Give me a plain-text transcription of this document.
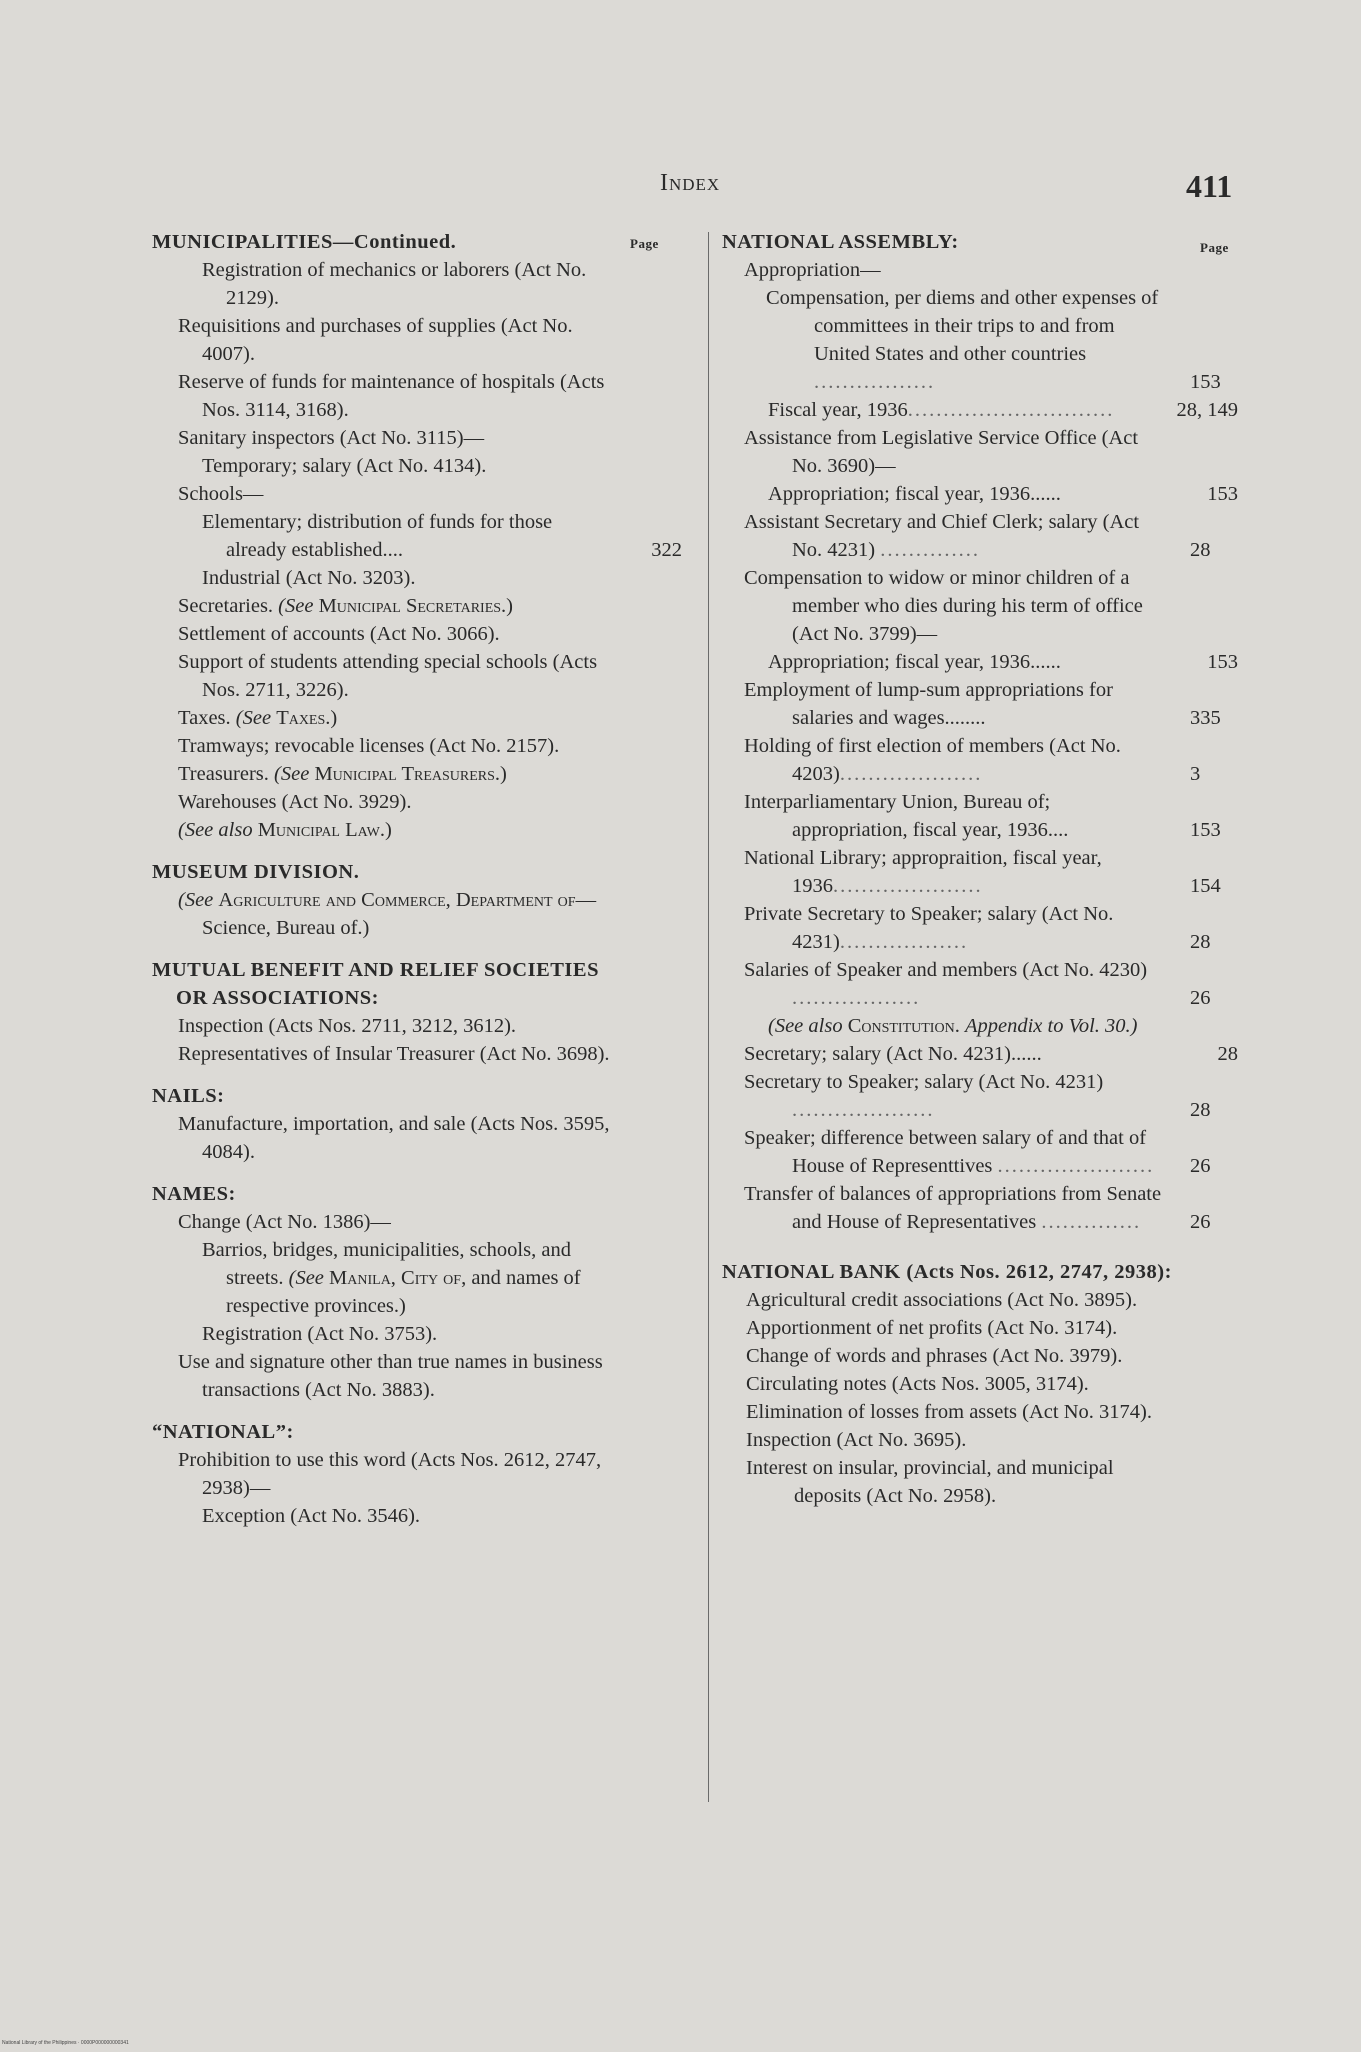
Index	411
Page	Page
MUNICIPALITIES—Continued.
Registration of mechanics or laborers (Act No. 2129).
Requisitions and purchases of supplies (Act No. 4007).
Reserve of funds for maintenance of hospitals (Acts Nos. 3114, 3168).
Sanitary inspectors (Act No. 3115)—
Temporary; salary (Act No. 4134).
Schools—
Elementary; distribution of funds for those already established....	322
Industrial (Act No. 3203).
Secretaries. (See Municipal Secretaries.)
Settlement of accounts (Act No. 3066).
Support of students attending special schools (Acts Nos. 2711, 3226).
Taxes. (See Taxes.)
Tramways; revocable licenses (Act No. 2157).
Treasurers. (See Municipal Treasurers.)
Warehouses (Act No. 3929).
(See also Municipal Law.)
MUSEUM DIVISION.
(See Agriculture and Commerce, Department of—Science, Bureau of.)
MUTUAL BENEFIT AND RELIEF SOCIETIES OR ASSOCIATIONS:
Inspection (Acts Nos. 2711, 3212, 3612).
Representatives of Insular Treasurer (Act No. 3698).
NAILS:
Manufacture, importation, and sale (Acts Nos. 3595, 4084).
NAMES:
Change (Act No. 1386)—
Barrios, bridges, municipalities, schools, and streets. (See Manila, City of, and names of respective provinces.)
Registration (Act No. 3753).
Use and signature other than true names in business transactions (Act No. 3883).
“NATIONAL”:
Prohibition to use this word (Acts Nos. 2612, 2747, 2938)—
Exception (Act No. 3546).
NATIONAL ASSEMBLY:
Appropriation—
Compensation, per diems and other expenses of committees in their trips to and from United States and other countries .................	153
Fiscal year, 1936.............................	28, 149
Assistance from Legislative Service Office (Act No. 3690)—
Appropriation; fiscal year, 1936......	153
Assistant Secretary and Chief Clerk; salary (Act No. 4231) ..............	28
Compensation to widow or minor children of a member who dies during his term of office (Act No. 3799)—
Appropriation; fiscal year, 1936......	153
Employment of lump-sum appropriations for salaries and wages........	335
Holding of first election of members (Act No. 4203)....................	3
Interparliamentary Union, Bureau of; appropriation, fiscal year, 1936....	153
National Library; appropraition, fiscal year, 1936.....................	154
Private Secretary to Speaker; salary (Act No. 4231)..................	28
Salaries of Speaker and members (Act No. 4230) ..................	26
(See also Constitution. Appendix to Vol. 30.)
Secretary; salary (Act No. 4231)......	28
Secretary to Speaker; salary (Act No. 4231) ....................	28
Speaker; difference between salary of and that of House of Representtives ...................... 26
Transfer of balances of appropriations from Senate and House of Representatives .............. 26
NATIONAL BANK (Acts Nos. 2612, 2747, 2938):
Agricultural credit associations (Act No. 3895).
Apportionment of net profits (Act No. 3174).
Change of words and phrases (Act No. 3979).
Circulating notes (Acts Nos. 3005, 3174).
Elimination of losses from assets (Act No. 3174).
Inspection (Act No. 3695).
Interest on insular, provincial, and municipal deposits (Act No. 2958).
National Library of the Philippines · 0000P000000000341
